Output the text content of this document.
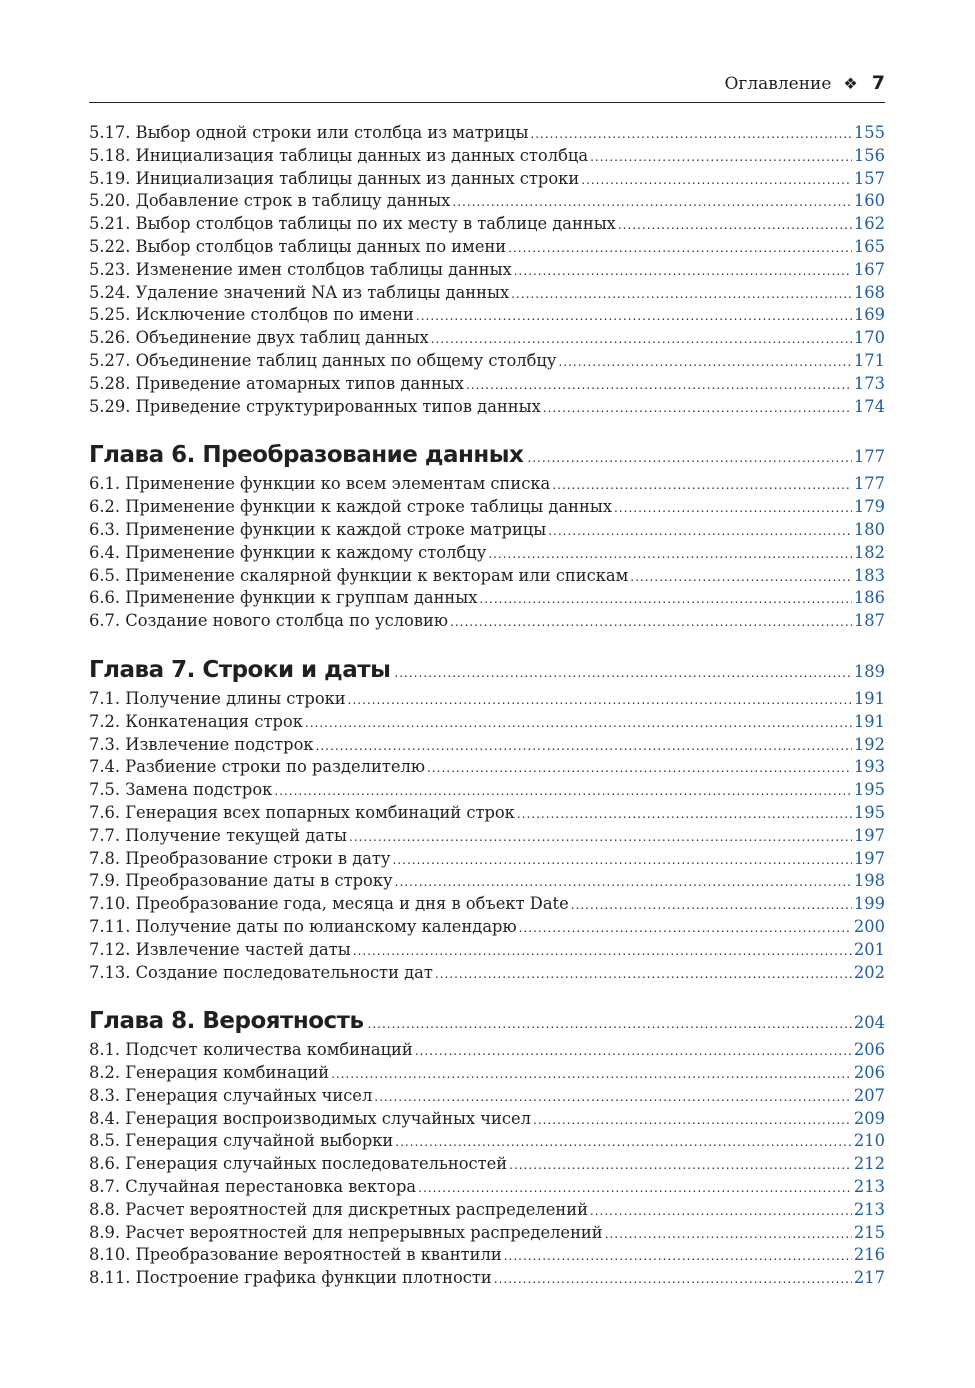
Оглавление ❖ 7
5.17. Выбор одной строки или столбца из матрицы .....	155
5.18. Инициализация таблицы данных из данных столбца .....	156
5.19. Инициализация таблицы данных из данных строки .....	157
5.20. Добавление строк в таблицу данных .....	160
5.21. Выбор столбцов таблицы по их месту в таблице данных .....	162
5.22. Выбор столбцов таблицы данных по имени .....	165
5.23. Изменение имен столбцов таблицы данных .....	167
5.24. Удаление значений NA из таблицы данных .....	168
5.25. Исключение столбцов по имени .....	169
5.26. Объединение двух таблиц данных .....	170
5.27. Объединение таблиц данных по общему столбцу .....	171
5.28. Приведение атомарных типов данных .....	173
5.29. Приведение структурированных типов данных .....	174
Глава 6. Преобразование данных .....	177
6.1. Применение функции ко всем элементам списка .....	177
6.2. Применение функции к каждой строке таблицы данных .....	179
6.3. Применение функции к каждой строке матрицы .....	180
6.4. Применение функции к каждому столбцу .....	182
6.5. Применение скалярной функции к векторам или спискам .....	183
6.6. Применение функции к группам данных .....	186
6.7. Создание нового столбца по условию .....	187
Глава 7. Строки и даты .....	189
7.1. Получение длины строки .....	191
7.2. Конкатенация строк .....	191
7.3. Извлечение подстрок .....	192
7.4. Разбиение строки по разделителю .....	193
7.5. Замена подстрок .....	195
7.6. Генерация всех попарных комбинаций строк .....	195
7.7. Получение текущей даты .....	197
7.8. Преобразование строки в дату .....	197
7.9. Преобразование даты в строку .....	198
7.10. Преобразование года, месяца и дня в объект Date .....	199
7.11. Получение даты по юлианскому календарю .....	200
7.12. Извлечение частей даты .....	201
7.13. Создание последовательности дат .....	202
Глава 8. Вероятность .....	204
8.1. Подсчет количества комбинаций .....	206
8.2. Генерация комбинаций .....	206
8.3. Генерация случайных чисел .....	207
8.4. Генерация воспроизводимых случайных чисел .....	209
8.5. Генерация случайной выборки .....	210
8.6. Генерация случайных последовательностей .....	212
8.7. Случайная перестановка вектора .....	213
8.8. Расчет вероятностей для дискретных распределений .....	213
8.9. Расчет вероятностей для непрерывных распределений .....	215
8.10. Преобразование вероятностей в квантили .....	216
8.11. Построение графика функции плотности .....	217
